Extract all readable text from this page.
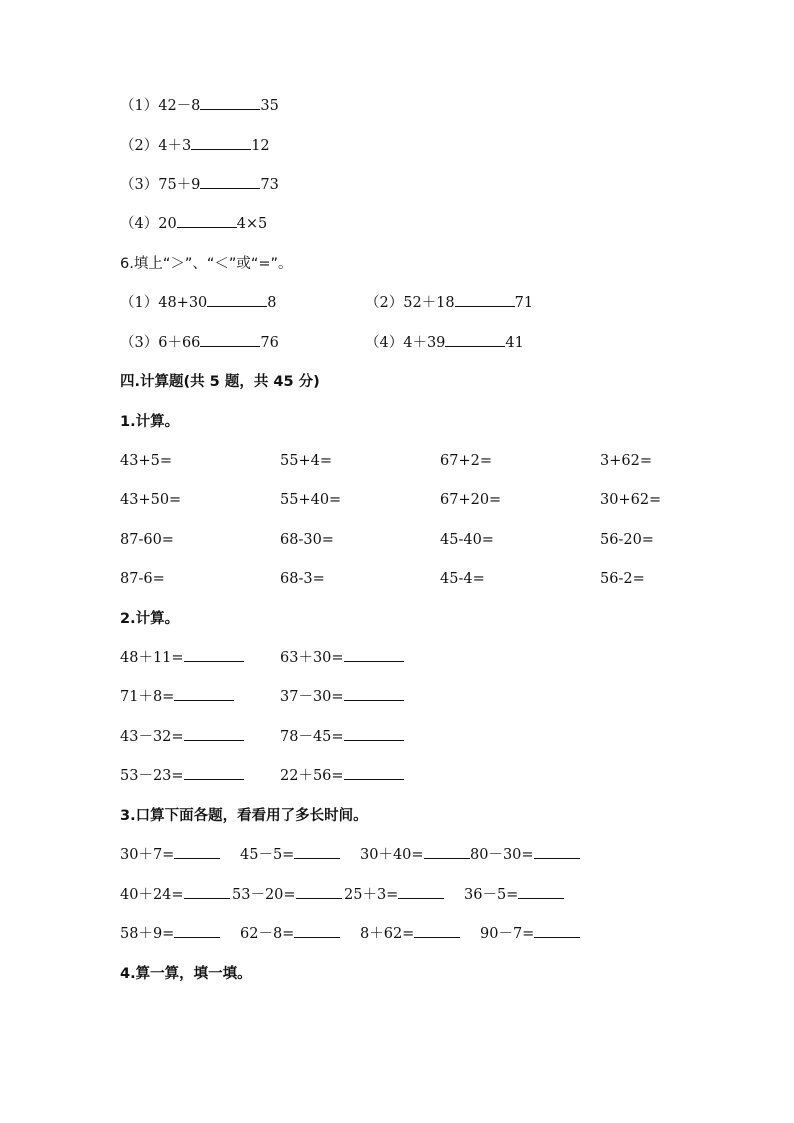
（1）42－8	35
（2）4＋3	12
（3）75＋9	73
（4）20	4×5
6.填上“＞”、“＜”或“=”。
（1）48+30	8	（2）52＋18	71
（3）6＋66	76	（4）4＋39	41
四.计算题(共 5 题，共 45 分)
1.计算。
43+5=	55+4=	67+2=	3+62=
43+50=	55+40=	67+20=	30+62=
87-60=	68-30=	45-40=	56-20=
87-6=	68-3=	45-4=	56-2=
2.计算。
48＋11=	63＋30=
71＋8=	37－30=
43－32=	78－45=
53－23=	22＋56=
3.口算下面各题，看看用了多长时间。
30＋7=	45－5=	30＋40=	80－30=
40＋24=	53－20=	25＋3=	36－5=
58＋9=	62－8=	8＋62=	90－7=
4.算一算，填一填。
